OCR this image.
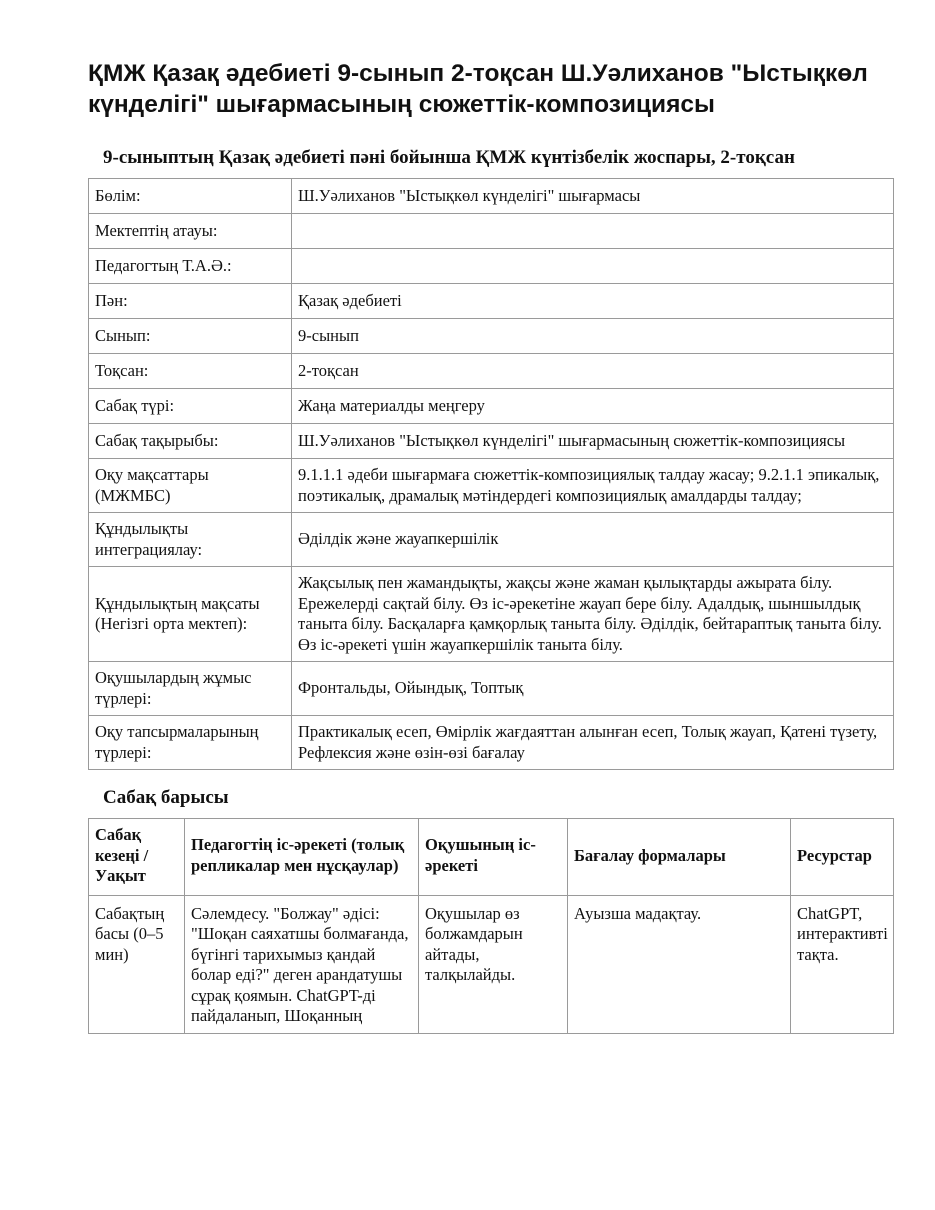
ҚМЖ Қазақ әдебиеті 9-сынып 2-тоқсан Ш.Уәлиханов "Ыстықкөл күнделігі" шығармасының сюжеттік-композициясы
9-сыныптың Қазақ әдебиеті пәні бойынша ҚМЖ күнтізбелік жоспары, 2-тоқсан
Бөлім:	Ш.Уәлиханов "Ыстықкөл күнделігі" шығармасы
Мектептің атауы:	
Педагогтың Т.А.Ә.:	
Пән:	Қазақ әдебиеті
Сынып:	9-сынып
Тоқсан:	2-тоқсан
Сабақ түрі:	Жаңа материалды меңгеру
Сабақ тақырыбы:	Ш.Уәлиханов "Ыстықкөл күнделігі" шығармасының сюжеттік-композициясы
Оқу мақсаттары (МЖМБС)	9.1.1.1 әдеби шығармаға сюжеттік-композициялық талдау жасау; 9.2.1.1 эпикалық, поэтикалық, драмалық мәтіндердегі композициялық амалдарды талдау;
Құндылықты интеграциялау:	Әділдік және жауапкершілік
Құндылықтың мақсаты (Негізгі орта мектеп):	Жақсылық пен жамандықты, жақсы және жаман қылықтарды ажырата білу. Ережелерді сақтай білу. Өз іс-әрекетіне жауап бере білу. Адалдық, шыншылдық таныта білу. Басқаларға қамқорлық таныта білу. Әділдік, бейтараптық таныта білу. Өз іс-әрекеті үшін жауапкершілік таныта білу.
Оқушылардың жұмыс түрлері:	Фронтальды, Ойындық, Топтық
Оқу тапсырмаларының түрлері:	Практикалық есеп, Өмірлік жағдаяттан алынған есеп, Толық жауап, Қатені түзету, Рефлексия және өзін-өзі бағалау
Сабақ барысы
Сабақ кезеңі / Уақыт	Педагогтің іс-әрекеті (толық репликалар мен нұсқаулар)	Оқушының іс-әрекеті	Бағалау формалары	Ресурстар
Сабақтың басы (0–5 мин)	Сәлемдесу. "Болжау" әдісі: "Шоқан саяхатшы болмағанда, бүгінгі тарихымыз қандай болар еді?" деген арандатушы сұрақ қоямын. ChatGPT-ді пайдаланып, Шоқанның	Оқушылар өз болжамдарын айтады, талқылайды.	Ауызша мадақтау.	ChatGPT, интерактивті тақта.
